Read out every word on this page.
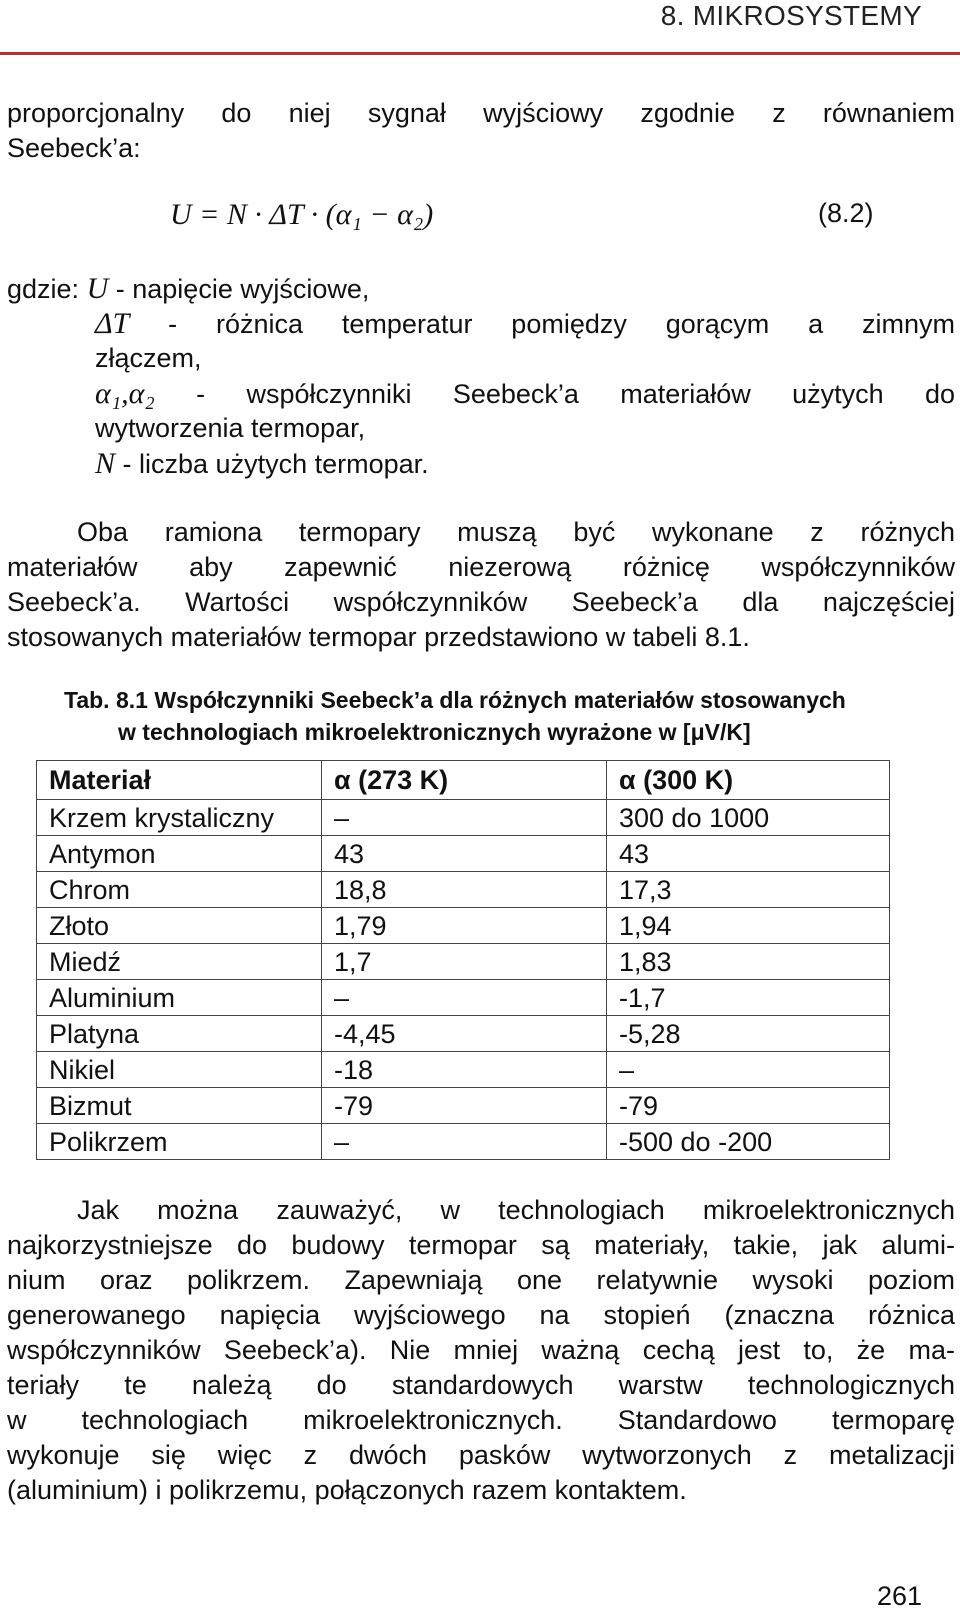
8. MIKROSYSTEMY
proporcjonalny do niej sygnał wyjściowy zgodnie z równaniem
Seebeck’a:
U = N · ΔT · (α₁ − α₂)	(8.2)
gdzie: U - napięcie wyjściowe,
ΔT - różnica temperatur pomiędzy gorącym a zimnym
złączem,
α₁,α₂ - współczynniki Seebeck’a materiałów użytych do
wytworzenia termopar,
N - liczba użytych termopar.
Oba ramiona termopary muszą być wykonane z różnych
materiałów aby zapewnić niezerową różnicę współczynników
Seebeck’a. Wartości współczynników Seebeck’a dla najczęściej
stosowanych materiałów termopar przedstawiono w tabeli 8.1.
Tab. 8.1 Współczynniki Seebeck’a dla różnych materiałów stosowanych
w technologiach mikroelektronicznych wyrażone w [μV/K]
Materiał	α (273 K)	α (300 K)
Krzem krystaliczny	–	300 do 1000
Antymon	43	43
Chrom	18,8	17,3
Złoto	1,79	1,94
Miedź	1,7	1,83
Aluminium	–	-1,7
Platyna	-4,45	-5,28
Nikiel	-18	–
Bizmut	-79	-79
Polikrzem	–	-500 do -200
Jak można zauważyć, w technologiach mikroelektronicznych
najkorzystniejsze do budowy termopar są materiały, takie, jak alumi-
nium oraz polikrzem. Zapewniają one relatywnie wysoki poziom
generowanego napięcia wyjściowego na stopień (znaczna różnica
współczynników Seebeck’a). Nie mniej ważną cechą jest to, że ma-
teriały te należą do standardowych warstw technologicznych
w technologiach mikroelektronicznych. Standardowo termoparę
wykonuje się więc z dwóch pasków wytworzonych z metalizacji
(aluminium) i polikrzemu, połączonych razem kontaktem.
261
